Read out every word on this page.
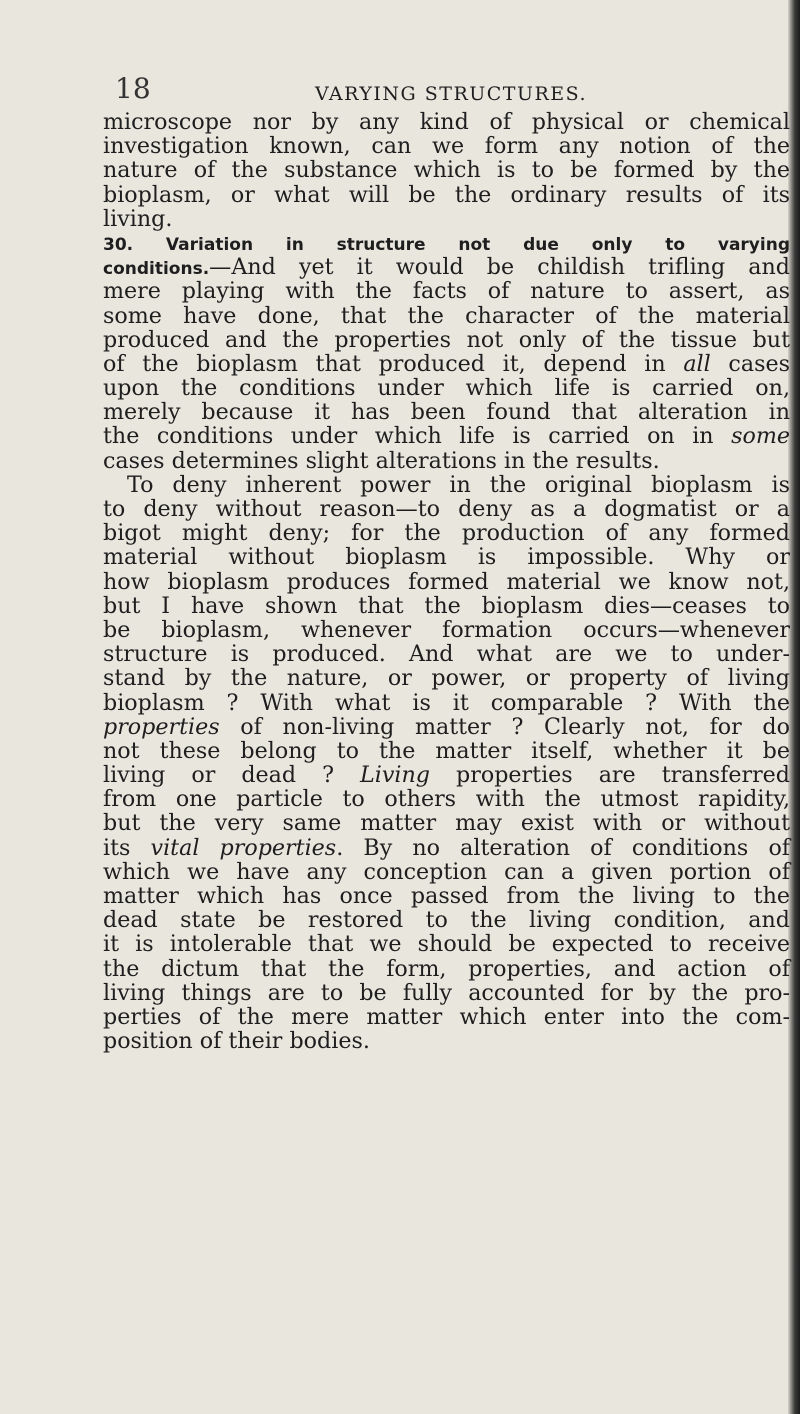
18	VARYING STRUCTURES.
microscope nor by any kind of physical or chemical
investigation known, can we form any notion of the
nature of the substance which is to be formed by the
bioplasm, or what will be the ordinary results of its
living.
30. Variation in structure not due only to varying
conditions.—And yet it would be childish trifling and
mere playing with the facts of nature to assert, as
some have done, that the character of the material
produced and the properties not only of the tissue but
of the bioplasm that produced it, depend in all cases
upon the conditions under which life is carried on,
merely because it has been found that alteration in
the conditions under which life is carried on in some
cases determines slight alterations in the results.
To deny inherent power in the original bioplasm is
to deny without reason—to deny as a dogmatist or a
bigot might deny; for the production of any formed
material without bioplasm is impossible. Why or
how bioplasm produces formed material we know not,
but I have shown that the bioplasm dies—ceases to
be bioplasm, whenever formation occurs—whenever
structure is produced. And what are we to under-
stand by the nature, or power, or property of living
bioplasm ? With what is it comparable ? With the
properties of non-living matter ? Clearly not, for do
not these belong to the matter itself, whether it be
living or dead ? Living properties are transferred
from one particle to others with the utmost rapidity,
but the very same matter may exist with or without
its vital properties. By no alteration of conditions of
which we have any conception can a given portion of
matter which has once passed from the living to the
dead state be restored to the living condition, and
it is intolerable that we should be expected to receive
the dictum that the form, properties, and action of
living things are to be fully accounted for by the pro-
perties of the mere matter which enter into the com-
position of their bodies.
